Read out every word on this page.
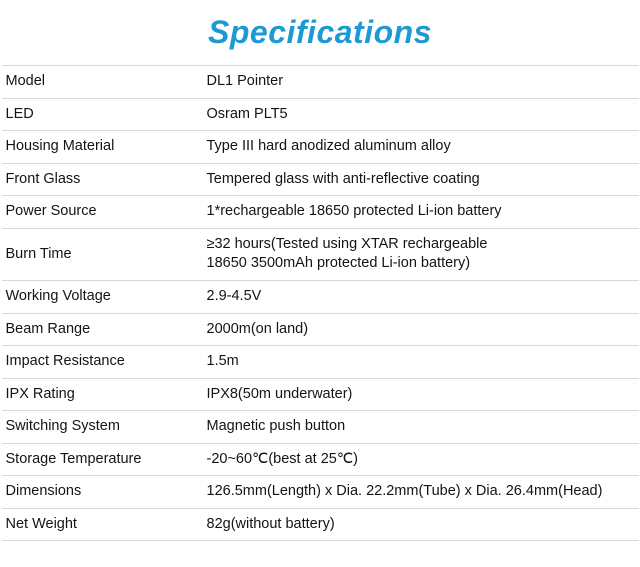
Specifications
Model	DL1 Pointer
LED	Osram PLT5
Housing Material	Type III hard anodized aluminum alloy
Front Glass	Tempered glass with anti-reflective coating
Power Source	1*rechargeable 18650 protected Li-ion battery
Burn Time	≥32 hours(Tested using XTAR rechargeable
18650 3500mAh protected Li-ion battery)

Working Voltage	2.9-4.5V
Beam Range	2000m(on land)
Impact Resistance	1.5m
IPX Rating	IPX8(50m underwater)
Switching System	Magnetic push button
Storage Temperature	-20~60℃(best at 25℃)
Dimensions	126.5mm(Length) x Dia. 22.2mm(Tube) x Dia. 26.4mm(Head)
Net Weight	82g(without battery)
